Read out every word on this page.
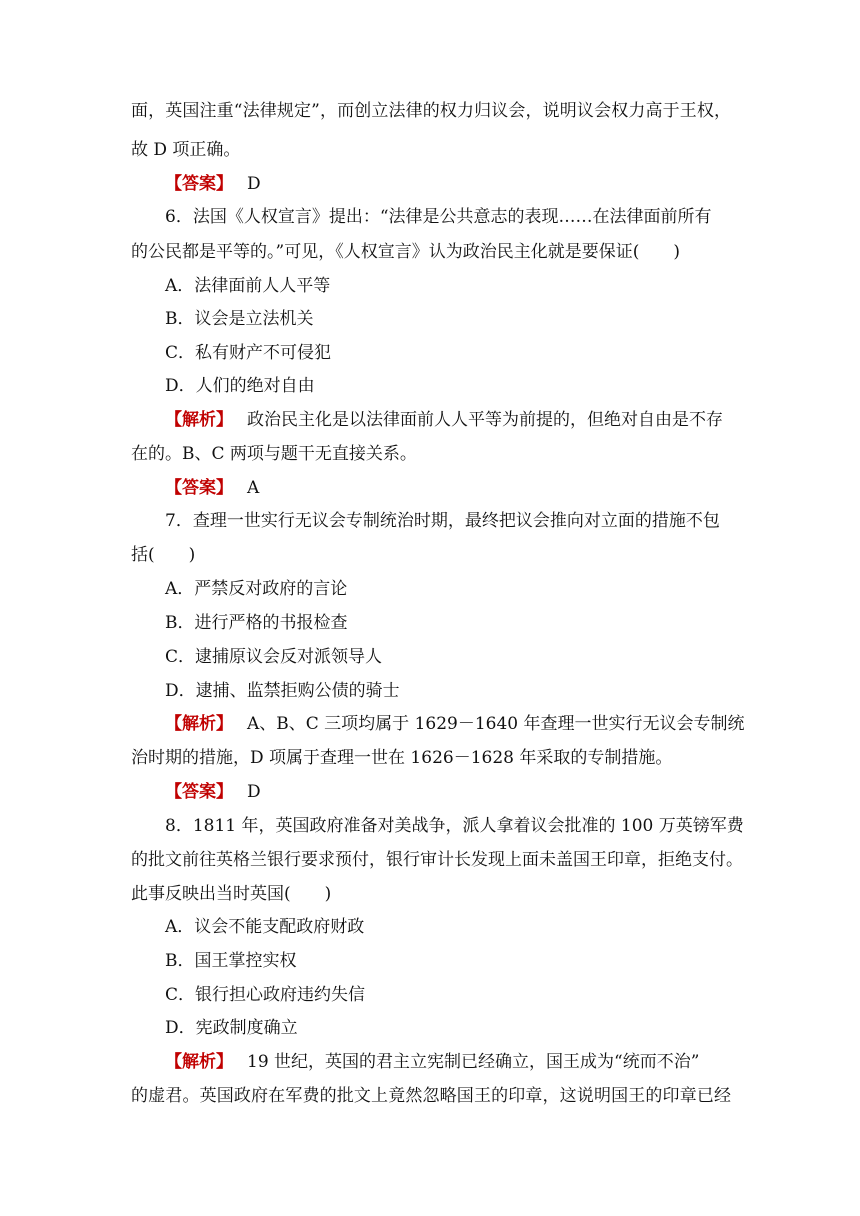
面，英国注重“法律规定”，而创立法律的权力归议会，说明议会权力高于王权，
故 D 项正确。
【答案】 D
6．法国《人权宣言》提出：“法律是公共意志的表现……在法律面前所有
的公民都是平等的。”可见，《人权宣言》认为政治民主化就是要保证(　　)
A．法律面前人人平等
B．议会是立法机关
C．私有财产不可侵犯
D．人们的绝对自由
【解析】 政治民主化是以法律面前人人平等为前提的，但绝对自由是不存
在的。B、C 两项与题干无直接关系。
【答案】 A
7．查理一世实行无议会专制统治时期，最终把议会推向对立面的措施不包
括(　　)
A．严禁反对政府的言论
B．进行严格的书报检查
C．逮捕原议会反对派领导人
D．逮捕、监禁拒购公债的骑士
【解析】 A、B、C 三项均属于 1629－1640 年查理一世实行无议会专制统
治时期的措施，D 项属于查理一世在 1626－1628 年采取的专制措施。
【答案】 D
8．1811 年，英国政府准备对美战争，派人拿着议会批准的 100 万英镑军费
的批文前往英格兰银行要求预付，银行审计长发现上面未盖国王印章，拒绝支付。
此事反映出当时英国(　　)
A．议会不能支配政府财政
B．国王掌控实权
C．银行担心政府违约失信
D．宪政制度确立
【解析】 19 世纪，英国的君主立宪制已经确立，国王成为“统而不治”
的虚君。英国政府在军费的批文上竟然忽略国王的印章，这说明国王的印章已经
